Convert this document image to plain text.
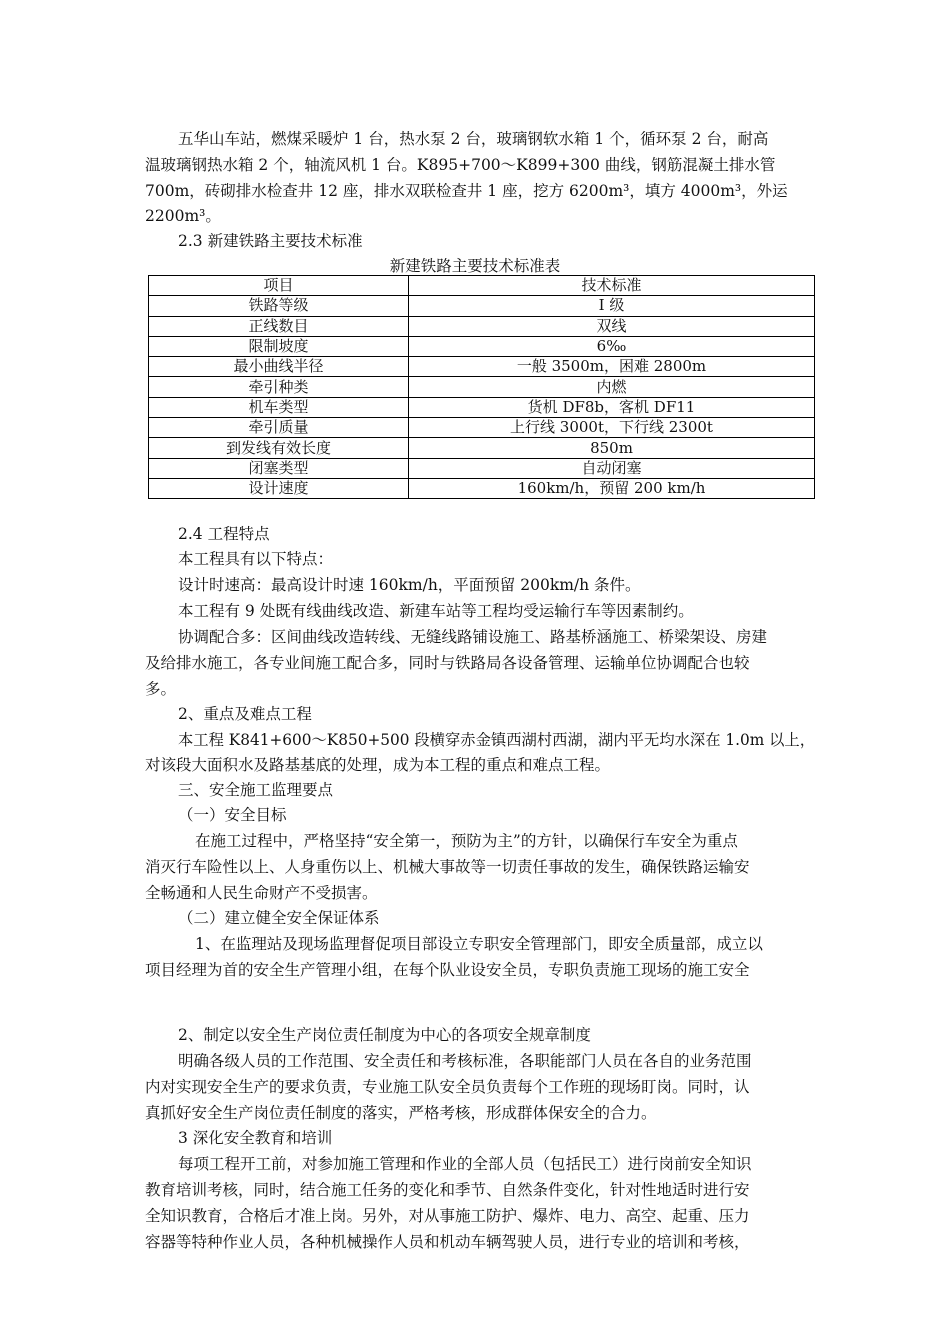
五华山车站，燃煤采暖炉 1 台，热水泵 2 台，玻璃钢软水箱 1 个，循环泵 2 台，耐高
温玻璃钢热水箱 2 个，轴流风机 1 台。K895+700～K899+300 曲线，钢筋混凝土排水管
700m，砖砌排水检查井 12 座，排水双联检查井 1 座，挖方 6200m³，填方 4000m³，外运
2200m³。
2.3 新建铁路主要技术标准
新建铁路主要技术标准表
项目	技术标准
铁路等级	Ⅰ 级
正线数目	双线
限制坡度	6‰
最小曲线半径	一般 3500m，困难 2800m
牵引种类	内燃
机车类型	货机 DF8b，客机 DF11
牵引质量	上行线 3000t，下行线 2300t
到发线有效长度	850m
闭塞类型	自动闭塞
设计速度	160km/h，预留 200 km/h
2.4 工程特点
本工程具有以下特点：
设计时速高：最高设计时速 160km/h，平面预留 200km/h 条件。
本工程有 9 处既有线曲线改造、新建车站等工程均受运输行车等因素制约。
协调配合多：区间曲线改造转线、无缝线路铺设施工、路基桥涵施工、桥梁架设、房建
及给排水施工，各专业间施工配合多，同时与铁路局各设备管理、运输单位协调配合也较
多。
2、重点及难点工程
本工程 K841+600～K850+500 段横穿赤金镇西湖村西湖，湖内平无均水深在 1.0m 以上，
对该段大面积水及路基基底的处理，成为本工程的重点和难点工程。
三、安全施工监理要点
（一）安全目标
在施工过程中，严格坚持“安全第一，预防为主”的方针，以确保行车安全为重点
消灭行车险性以上、人身重伤以上、机械大事故等一切责任事故的发生，确保铁路运输安
全畅通和人民生命财产不受损害。
（二）建立健全安全保证体系
1、在监理站及现场监理督促项目部设立专职安全管理部门，即安全质量部，成立以
项目经理为首的安全生产管理小组，在每个队业设安全员，专职负责施工现场的施工安全
2、制定以安全生产岗位责任制度为中心的各项安全规章制度
明确各级人员的工作范围、安全责任和考核标准，各职能部门人员在各自的业务范围
内对实现安全生产的要求负责，专业施工队安全员负责每个工作班的现场盯岗。同时，认
真抓好安全生产岗位责任制度的落实，严格考核，形成群体保安全的合力。
3 深化安全教育和培训
每项工程开工前，对参加施工管理和作业的全部人员（包括民工）进行岗前安全知识
教育培训考核，同时，结合施工任务的变化和季节、自然条件变化，针对性地适时进行安
全知识教育，合格后才准上岗。另外，对从事施工防护、爆炸、电力、高空、起重、压力
容器等特种作业人员，各种机械操作人员和机动车辆驾驶人员，进行专业的培训和考核，
